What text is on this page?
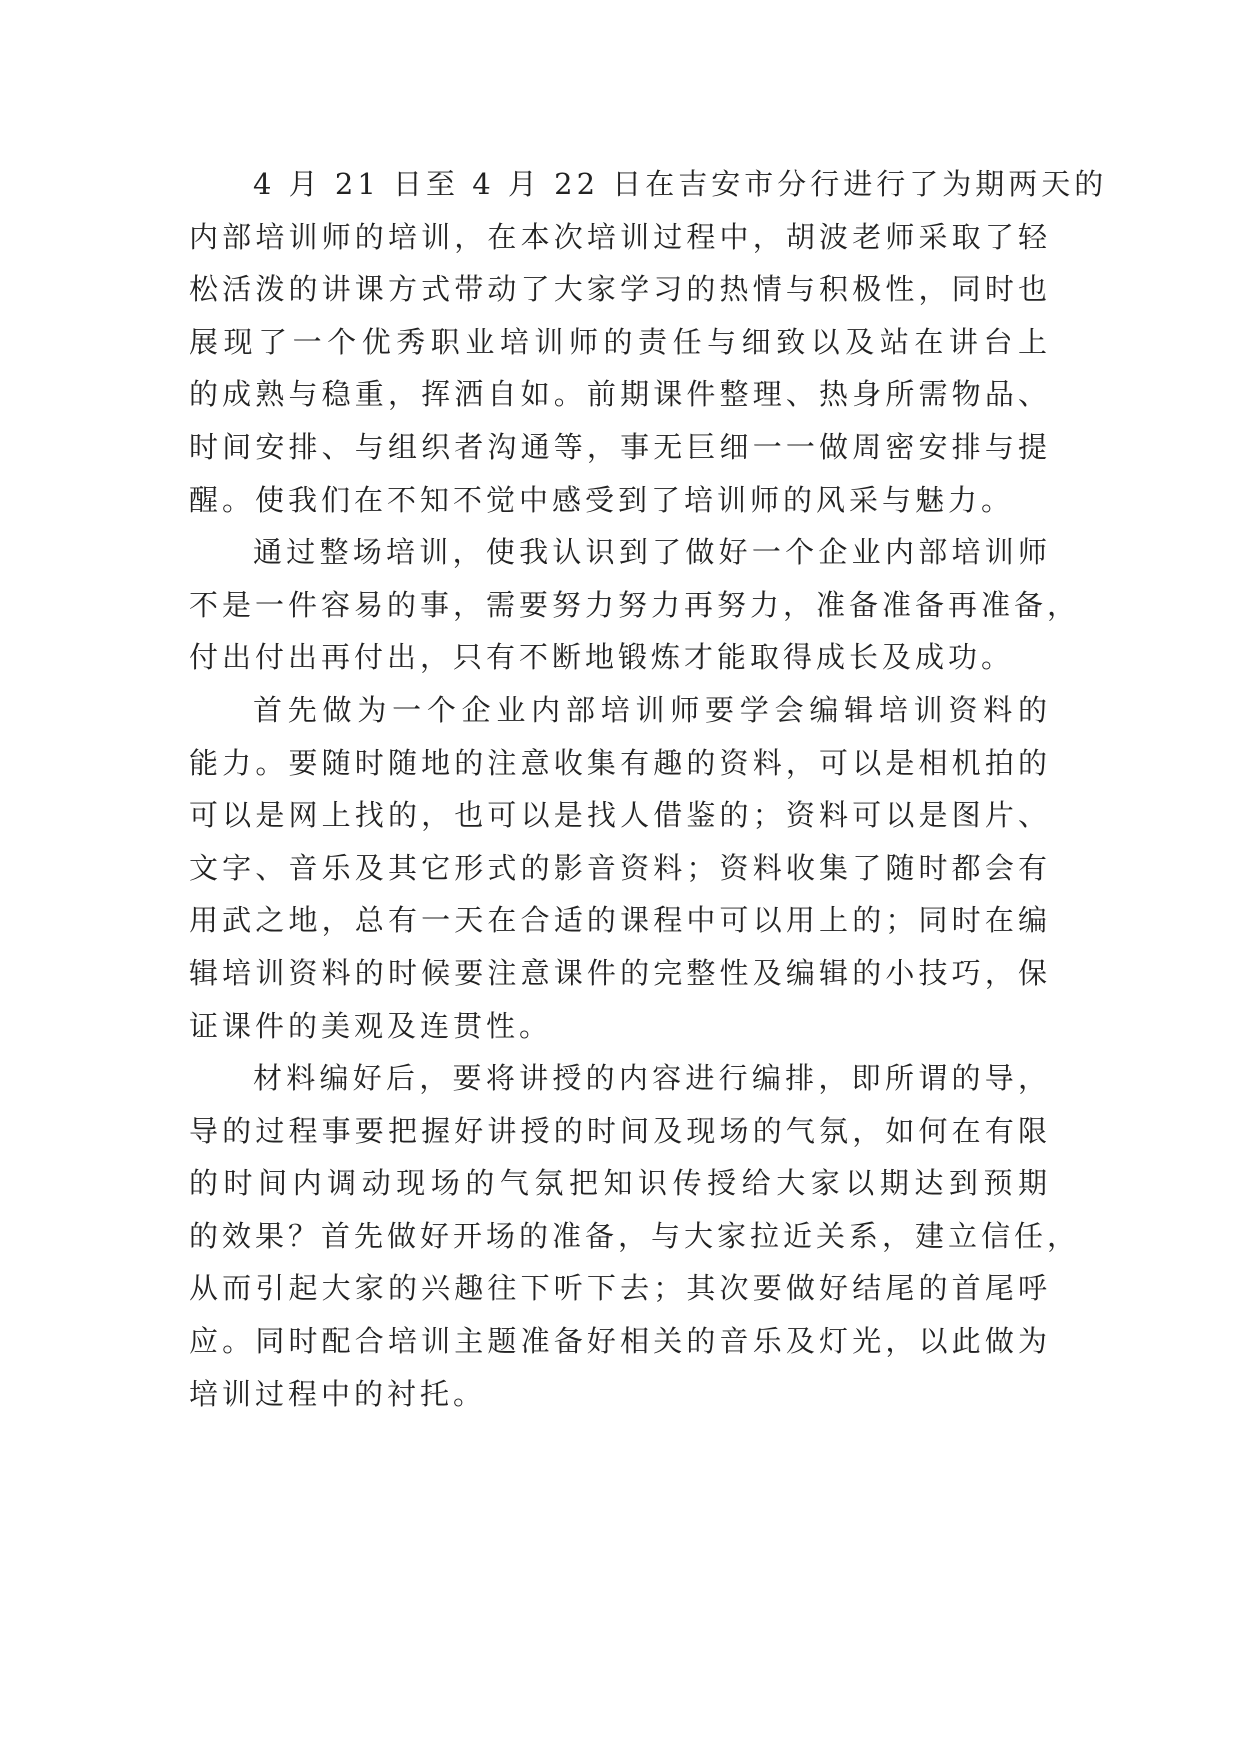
4 月 21 日至 4 月 22 日在吉安市分行进行了为期两天的
内部培训师的培训，在本次培训过程中，胡波老师采取了轻
松活泼的讲课方式带动了大家学习的热情与积极性，同时也
展现了一个优秀职业培训师的责任与细致以及站在讲台上
的成熟与稳重，挥洒自如。前期课件整理、热身所需物品、
时间安排、与组织者沟通等，事无巨细一一做周密安排与提
醒。使我们在不知不觉中感受到了培训师的风采与魅力。
通过整场培训，使我认识到了做好一个企业内部培训师
不是一件容易的事，需要努力努力再努力，准备准备再准备，
付出付出再付出，只有不断地锻炼才能取得成长及成功。
首先做为一个企业内部培训师要学会编辑培训资料的
能力。要随时随地的注意收集有趣的资料，可以是相机拍的
可以是网上找的，也可以是找人借鉴的；资料可以是图片、
文字、音乐及其它形式的影音资料；资料收集了随时都会有
用武之地，总有一天在合适的课程中可以用上的；同时在编
辑培训资料的时候要注意课件的完整性及编辑的小技巧，保
证课件的美观及连贯性。
材料编好后，要将讲授的内容进行编排，即所谓的导，
导的过程事要把握好讲授的时间及现场的气氛，如何在有限
的时间内调动现场的气氛把知识传授给大家以期达到预期
的效果？首先做好开场的准备，与大家拉近关系，建立信任，
从而引起大家的兴趣往下听下去；其次要做好结尾的首尾呼
应。同时配合培训主题准备好相关的音乐及灯光，以此做为
培训过程中的衬托。
